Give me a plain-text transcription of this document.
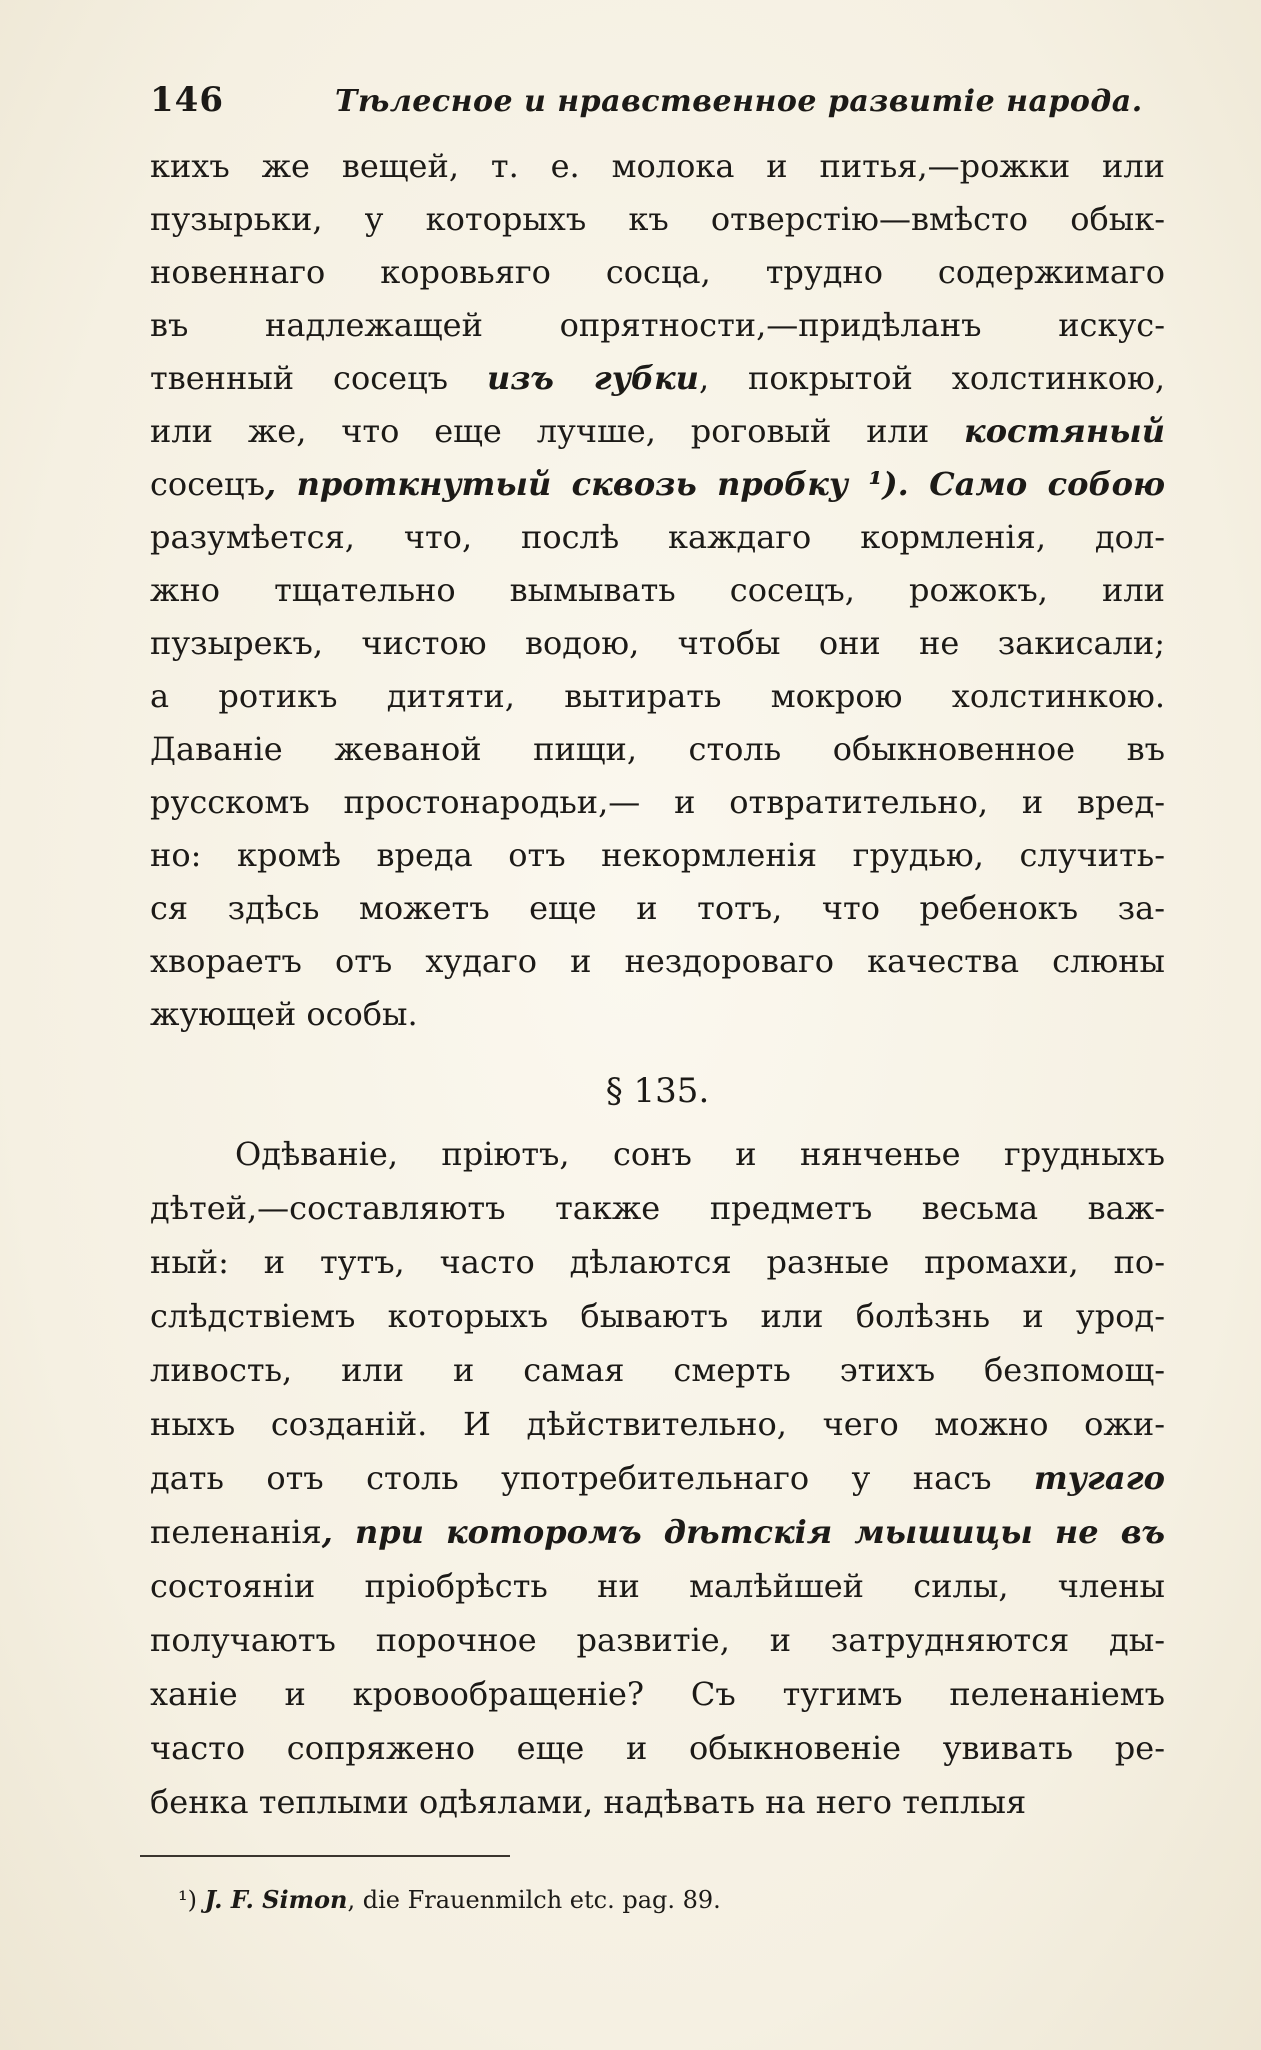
146	Тѣлесное и нравственное развитіе народа.
кихъ же вещей, т. е. молока и питья,—рожки или
пузырьки, у которыхъ къ отверстію—вмѣсто обык-
новеннаго коровьяго сосца, трудно содержимаго
въ надлежащей опрятности,—придѣланъ искус-
твенный сосецъ изъ губки, покрытой холстинкою,
или же, что еще лучше, роговый или костяный
сосецъ, проткнутый сквозь пробку ¹). Само собою
разумѣется, что, послѣ каждаго кормленія, дол-
жно тщательно вымывать сосецъ, рожокъ, или
пузырекъ, чистою водою, чтобы они не закисали;
а ротикъ дитяти, вытирать мокрою холстинкою.
Даваніе жеваной пищи, столь обыкновенное въ
русскомъ простонародьи,— и отвратительно, и вред-
но: кромѣ вреда отъ некормленія грудью, случить-
ся здѣсь можетъ еще и тотъ, что ребенокъ за-
хвораетъ отъ худаго и нездороваго качества слюны
жующей особы.
§ 135.
Одѣваніе, пріютъ, сонъ и нянченье грудныхъ
дѣтей,—составляютъ также предметъ весьма важ-
ный: и тутъ, часто дѣлаются разные промахи, по-
слѣдствіемъ которыхъ бываютъ или болѣзнь и урод-
ливость, или и самая смерть этихъ безпомощ-
ныхъ созданій. И дѣйствительно, чего можно ожи-
дать отъ столь употребительнаго у насъ тугаго
пеленанія, при которомъ дѣтскія мышицы не въ
состояніи пріобрѣсть ни малѣйшей силы, члены
получаютъ порочное развитіе, и затрудняются ды-
ханіе и кровообращеніе? Съ тугимъ пеленаніемъ
часто сопряжено еще и обыкновеніе увивать ре-
бенка теплыми одѣялами, надѣвать на него теплыя
¹) J. F. Simon, die Frauenmilch etc. pag. 89.
